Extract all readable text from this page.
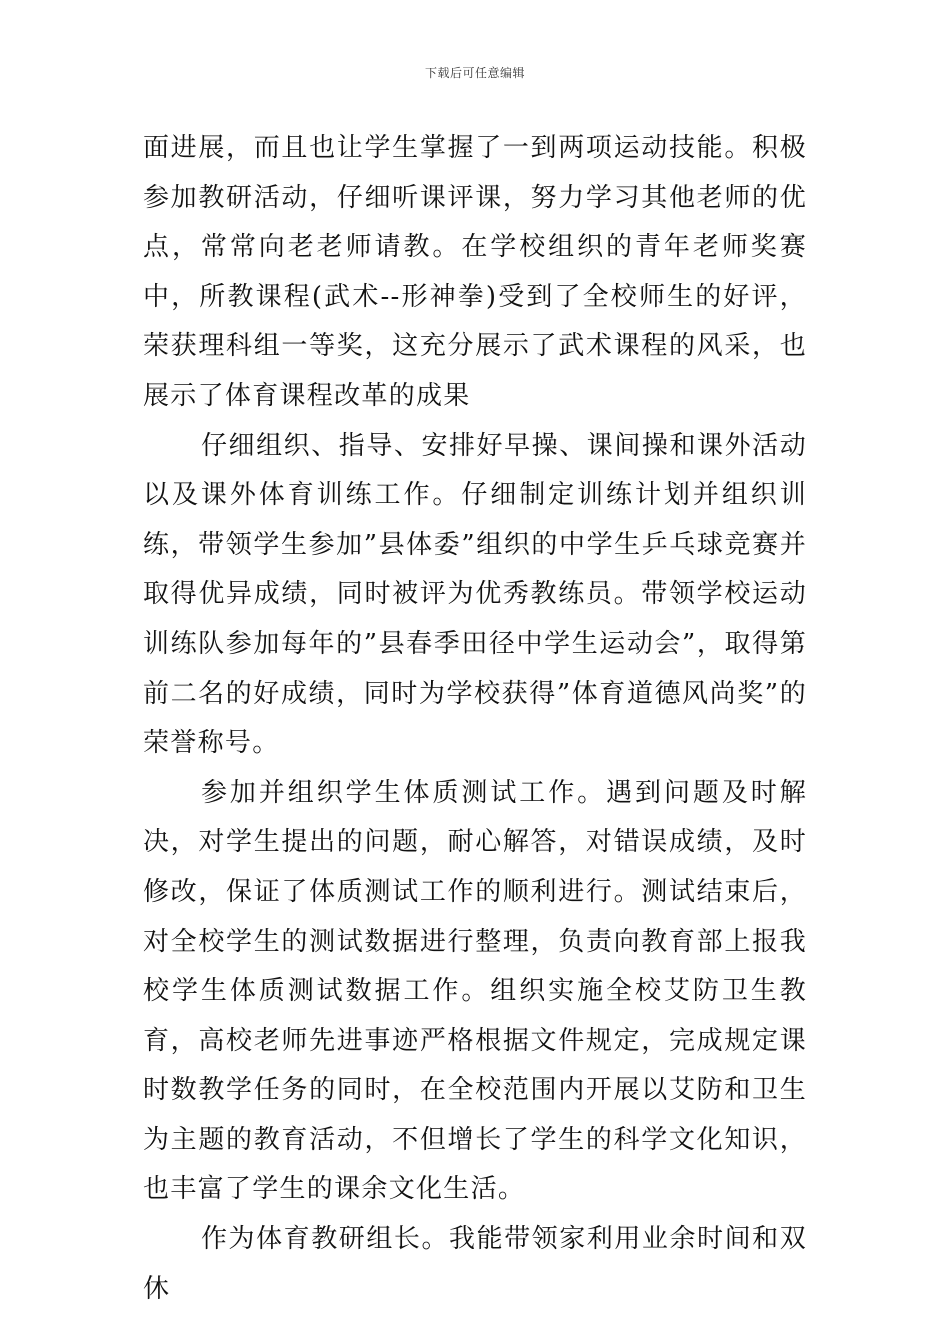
下载后可任意编辑

面进展，而且也让学生掌握了一到两项运动技能。积极参加教研活动，仔细听课评课，努力学习其他老师的优点，常常向老老师请教。在学校组织的青年老师奖赛中，所教课程(武术--形神拳)受到了全校师生的好评，荣获理科组一等奖，这充分展示了武术课程的风采，也展示了体育课程改革的成果

仔细组织、指导、安排好早操、课间操和课外活动以及课外体育训练工作。仔细制定训练计划并组织训练，带领学生参加”县体委”组织的中学生乒乓球竞赛并取得优异成绩，同时被评为优秀教练员。带领学校运动训练队参加每年的”县春季田径中学生运动会”，取得第前二名的好成绩，同时为学校获得”体育道德风尚奖”的荣誉称号。

参加并组织学生体质测试工作。遇到问题及时解决，对学生提出的问题，耐心解答，对错误成绩，及时修改，保证了体质测试工作的顺利进行。测试结束后，对全校学生的测试数据进行整理，负责向教育部上报我校学生体质测试数据工作。组织实施全校艾防卫生教育，高校老师先进事迹严格根据文件规定，完成规定课时数教学任务的同时，在全校范围内开展以艾防和卫生为主题的教育活动，不但增长了学生的科学文化知识，也丰富了学生的课余文化生活。

作为体育教研组长。我能带领家利用业余时间和双休
